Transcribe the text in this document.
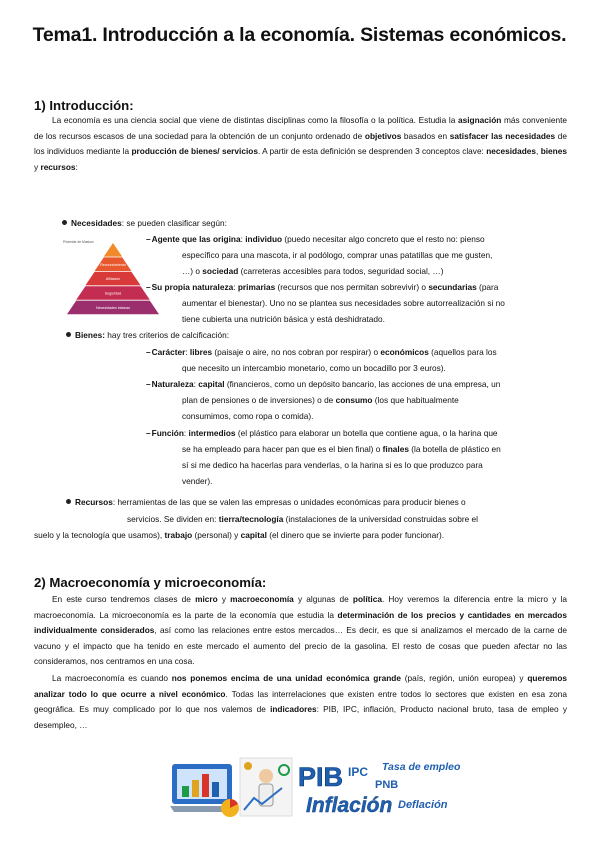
Tema1. Introducción a la economía. Sistemas económicos.
1) Introducción:

La economía es una ciencia social que viene de distintas disciplinas como la filosofía o la política. Estudia la asignación más conveniente de los recursos escasos de una sociedad para la obtención de un conjunto ordenado de objetivos basados en satisfacer las necesidades de los individuos mediante la producción de bienes/ servicios. A partir de esta definición se desprenden 3 conceptos clave: necesidades, bienes y recursos:

Necesidades: se pueden clasificar según:
Pirámide de Maslow
Reconocimiento
Afiliación
Seguridad
Necesidades básicas
–Agente que las origina: individuo (puedo necesitar algo concreto que el resto no: pienso
específico para una mascota, ir al podólogo, comprar unas patatillas que me gusten,
…) o sociedad (carreteras accesibles para todos, seguridad social, …)
–Su propia naturaleza: primarias (recursos que nos permitan sobrevivir) o secundarias (para
aumentar el bienestar). Uno no se plantea sus necesidades sobre autorrealización si no
tiene cubierta una nutrición básica y está deshidratado.
Bienes: hay tres criterios de calcificación:
–Carácter: libres (paisaje o aire, no nos cobran por respirar) o económicos (aquellos para los
que necesito un intercambio monetario, como un bocadillo por 3 euros).
–Naturaleza: capital (financieros, como un depósito bancario, las acciones de una empresa, un
plan de pensiones o de inversiones) o de consumo (los que habitualmente
consumimos, como ropa o comida).
–Función: intermedios (el plástico para elaborar un botella que contiene agua, o la harina que
se ha empleado para hacer pan que es el bien final) o finales (la botella de plástico en
sí si me dedico ha hacerlas para venderlas, o la harina si es lo que produzco para
vender).
Recursos: herramientas de las que se valen las empresas o unidades económicas para producir bienes o
servicios. Se dividen en: tierra/tecnología (instalaciones de la universidad construidas sobre el
suelo y la tecnología que usamos), trabajo (personal) y capital (el dinero que se invierte para poder funcionar).
2) Macroeconomía y microeconomía:

En este curso tendremos clases de micro y macroeconomía y algunas de política. Hoy veremos la diferencia entre la micro y la macroeconomía. La microeconomía es la parte de la economía que estudia la determinación de los precios y cantidades en mercados individualmente considerados, así como las relaciones entre estos mercados… Es decir, es que si analizamos el mercado de la carne de vacuno y el impacto que ha tenido en este mercado el aumento del precio de la gasolina. El resto de cosas que pueden afectar no las consideramos, nos centramos en una cosa.

La macroeconomía es cuando nos ponemos encima de una unidad económica grande (país, región, unión europea) y queremos analizar todo lo que ocurre a nivel económico. Todas las interrelaciones que existen entre todos lo sectores que existen en esa zona geográfica. Es muy complicado por lo que nos valemos de indicadores: PIB, IPC, inflación, Producto nacional bruto, tasa de empleo y desempleo, …

PIB IPC
PNB
Tasa de empleo
Inflación Deflación
